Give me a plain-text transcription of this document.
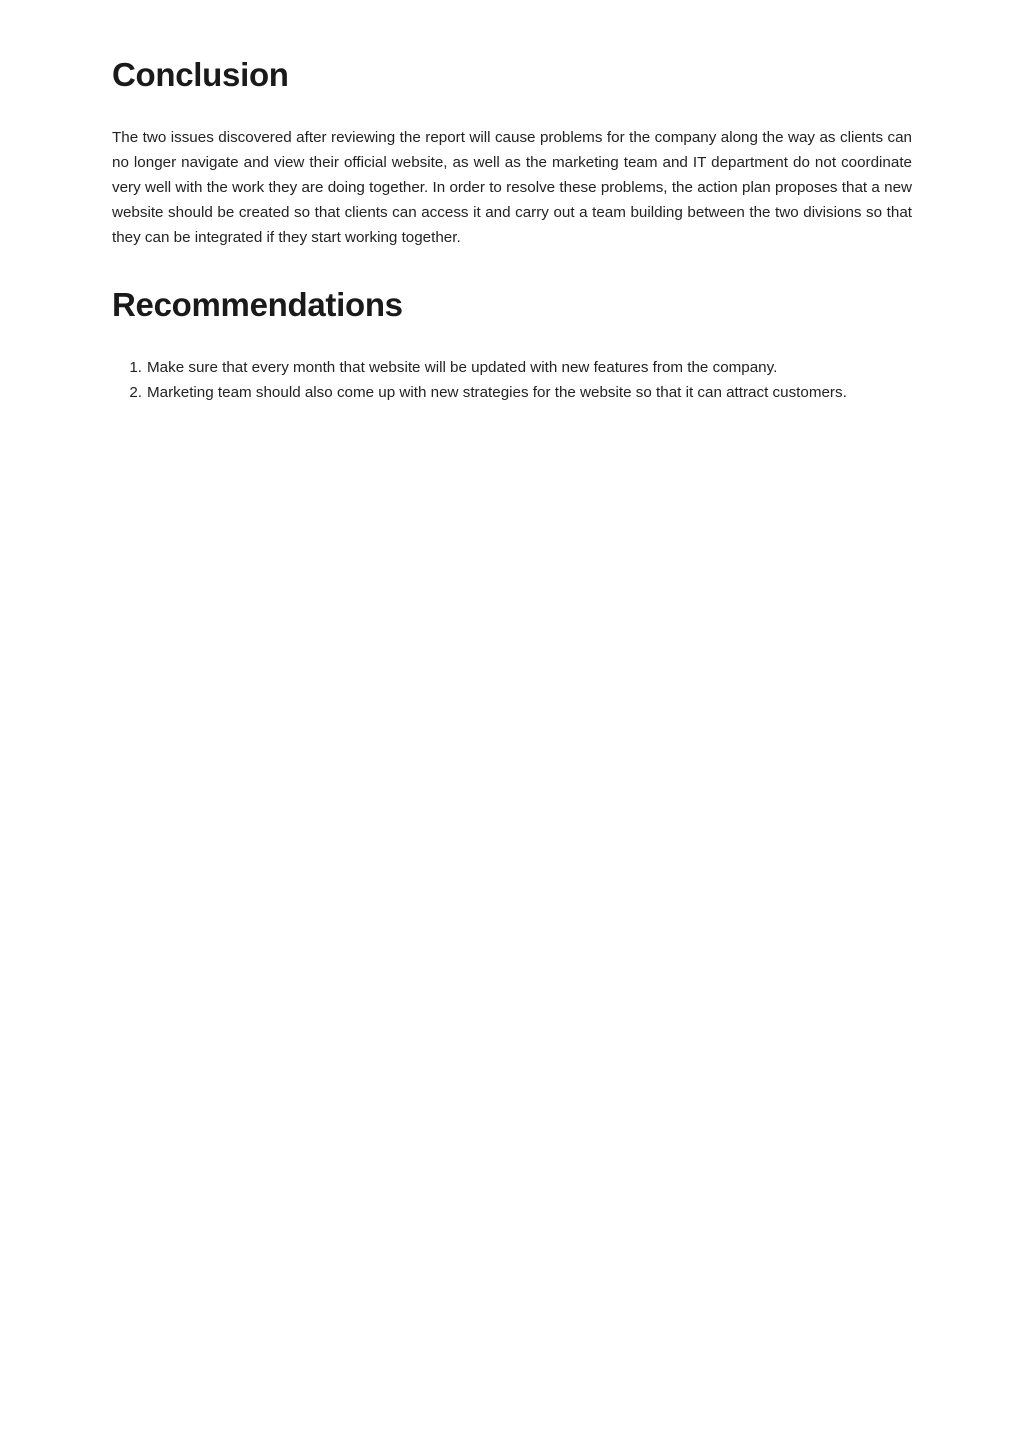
Conclusion

The two issues discovered after reviewing the report will cause problems for the company along the way as clients can no longer navigate and view their official website, as well as the marketing team and IT department do not coordinate very well with the work they are doing together. In order to resolve these problems, the action plan proposes that a new website should be created so that clients can access it and carry out a team building between the two divisions so that they can be integrated if they start working together.

Recommendations
1. Make sure that every month that website will be updated with new features from the company.
2. Marketing team should also come up with new strategies for the website so that it can attract customers.
